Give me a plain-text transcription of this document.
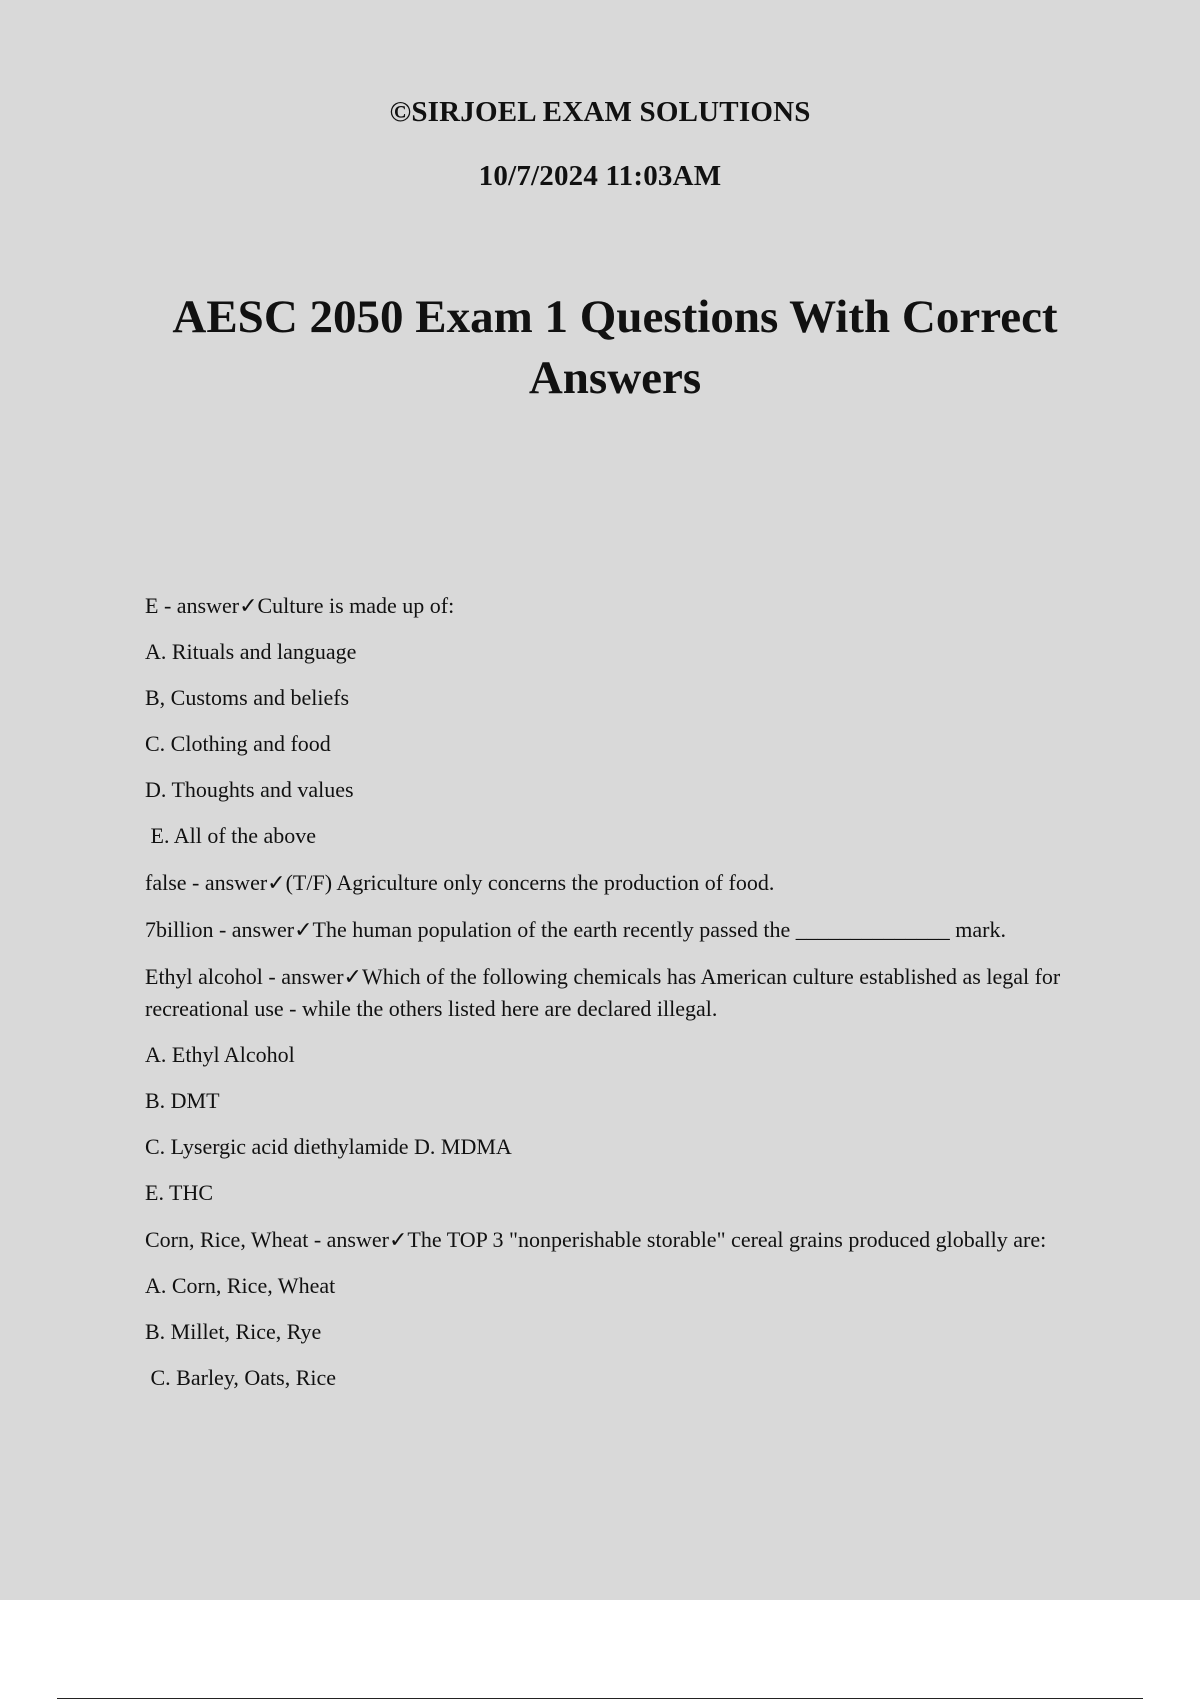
©SIRJOEL EXAM SOLUTIONS
10/7/2024 11:03AM
AESC 2050 Exam 1 Questions With Correct Answers

E - answer✓Culture is made up of:

A. Rituals and language

B, Customs and beliefs

C. Clothing and food

D. Thoughts and values

E. All of the above

false - answer✓(T/F) Agriculture only concerns the production of food.

7billion - answer✓The human population of the earth recently passed the ______________ mark.

Ethyl alcohol - answer✓Which of the following chemicals has American culture established as legal for recreational use - while the others listed here are declared illegal.

A. Ethyl Alcohol

B. DMT

C. Lysergic acid diethylamide D. MDMA

E. THC

Corn, Rice, Wheat - answer✓The TOP 3 "nonperishable storable" cereal grains produced globally are:

A. Corn, Rice, Wheat

B. Millet, Rice, Rye

C. Barley, Oats, Rice
